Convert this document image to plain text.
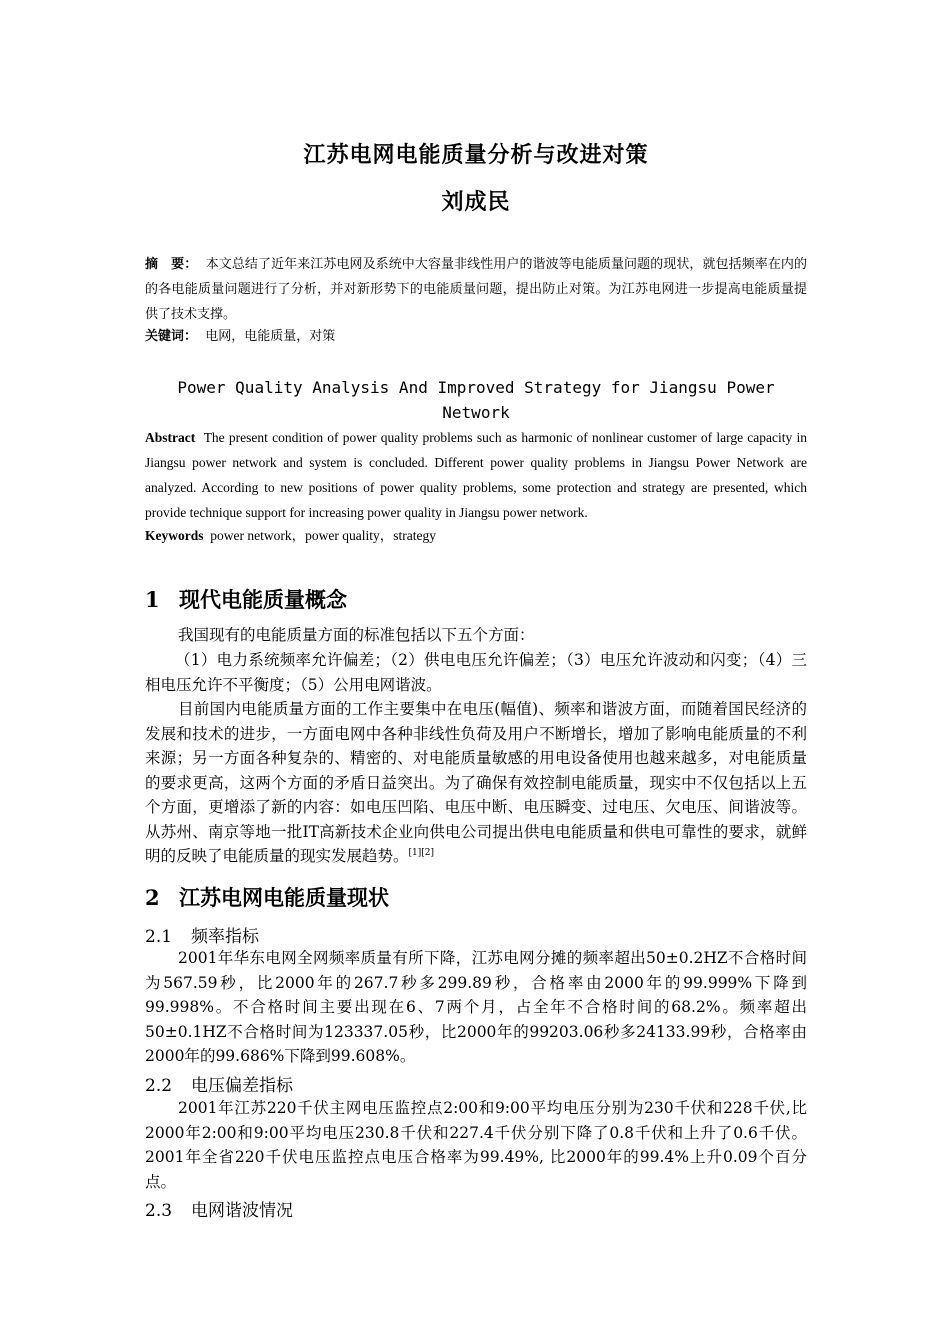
江苏电网电能质量分析与改进对策
刘成民
摘　要： 本文总结了近年来江苏电网及系统中大容量非线性用户的谐波等电能质量问题的现状，就包括频率在内的的各电能质量问题进行了分析，并对新形势下的电能质量问题，提出防止对策。为江苏电网进一步提高电能质量提供了技术支撑。
关键词： 电网，电能质量，对策
Power Quality Analysis And Improved Strategy for Jiangsu Power Network
Abstract The present condition of power quality problems such as harmonic of nonlinear customer of large capacity in Jiangsu power network and system is concluded. Different power quality problems in Jiangsu Power Network are analyzed. According to new positions of power quality problems, some protection and strategy are presented, which provide technique support for increasing power quality in Jiangsu power network.
Keywords power network，power quality，strategy
1 现代电能质量概念
我国现有的电能质量方面的标准包括以下五个方面：
（1）电力系统频率允许偏差；（2）供电电压允许偏差；（3）电压允许波动和闪变；（4）三相电压允许不平衡度；（5）公用电网谐波。
目前国内电能质量方面的工作主要集中在电压(幅值)、频率和谐波方面，而随着国民经济的发展和技术的进步，一方面电网中各种非线性负荷及用户不断增长，增加了影响电能质量的不利来源；另一方面各种复杂的、精密的、对电能质量敏感的用电设备使用也越来越多，对电能质量的要求更高，这两个方面的矛盾日益突出。为了确保有效控制电能质量，现实中不仅包括以上五个方面，更增添了新的内容：如电压凹陷、电压中断、电压瞬变、过电压、欠电压、间谐波等。从苏州、南京等地一批IT高新技术企业向供电公司提出供电电能质量和供电可靠性的要求，就鲜明的反映了电能质量的现实发展趋势。[1][2]
2 江苏电网电能质量现状
2.1 频率指标
2001年华东电网全网频率质量有所下降，江苏电网分摊的频率超出50±0.2HZ不合格时间为567.59秒，比2000年的267.7秒多299.89秒，合格率由2000年的99.999%下降到99.998%。不合格时间主要出现在6、7两个月，占全年不合格时间的68.2%。频率超出50±0.1HZ不合格时间为123337.05秒，比2000年的99203.06秒多24133.99秒，合格率由2000年的99.686%下降到99.608%。
2.2 电压偏差指标
2001年江苏220千伏主网电压监控点2:00和9:00平均电压分别为230千伏和228千伏,比2000年2:00和9:00平均电压230.8千伏和227.4千伏分别下降了0.8千伏和上升了0.6千伏。2001年全省220千伏电压监控点电压合格率为99.49%, 比2000年的99.4%上升0.09个百分点。
2.3 电网谐波情况
